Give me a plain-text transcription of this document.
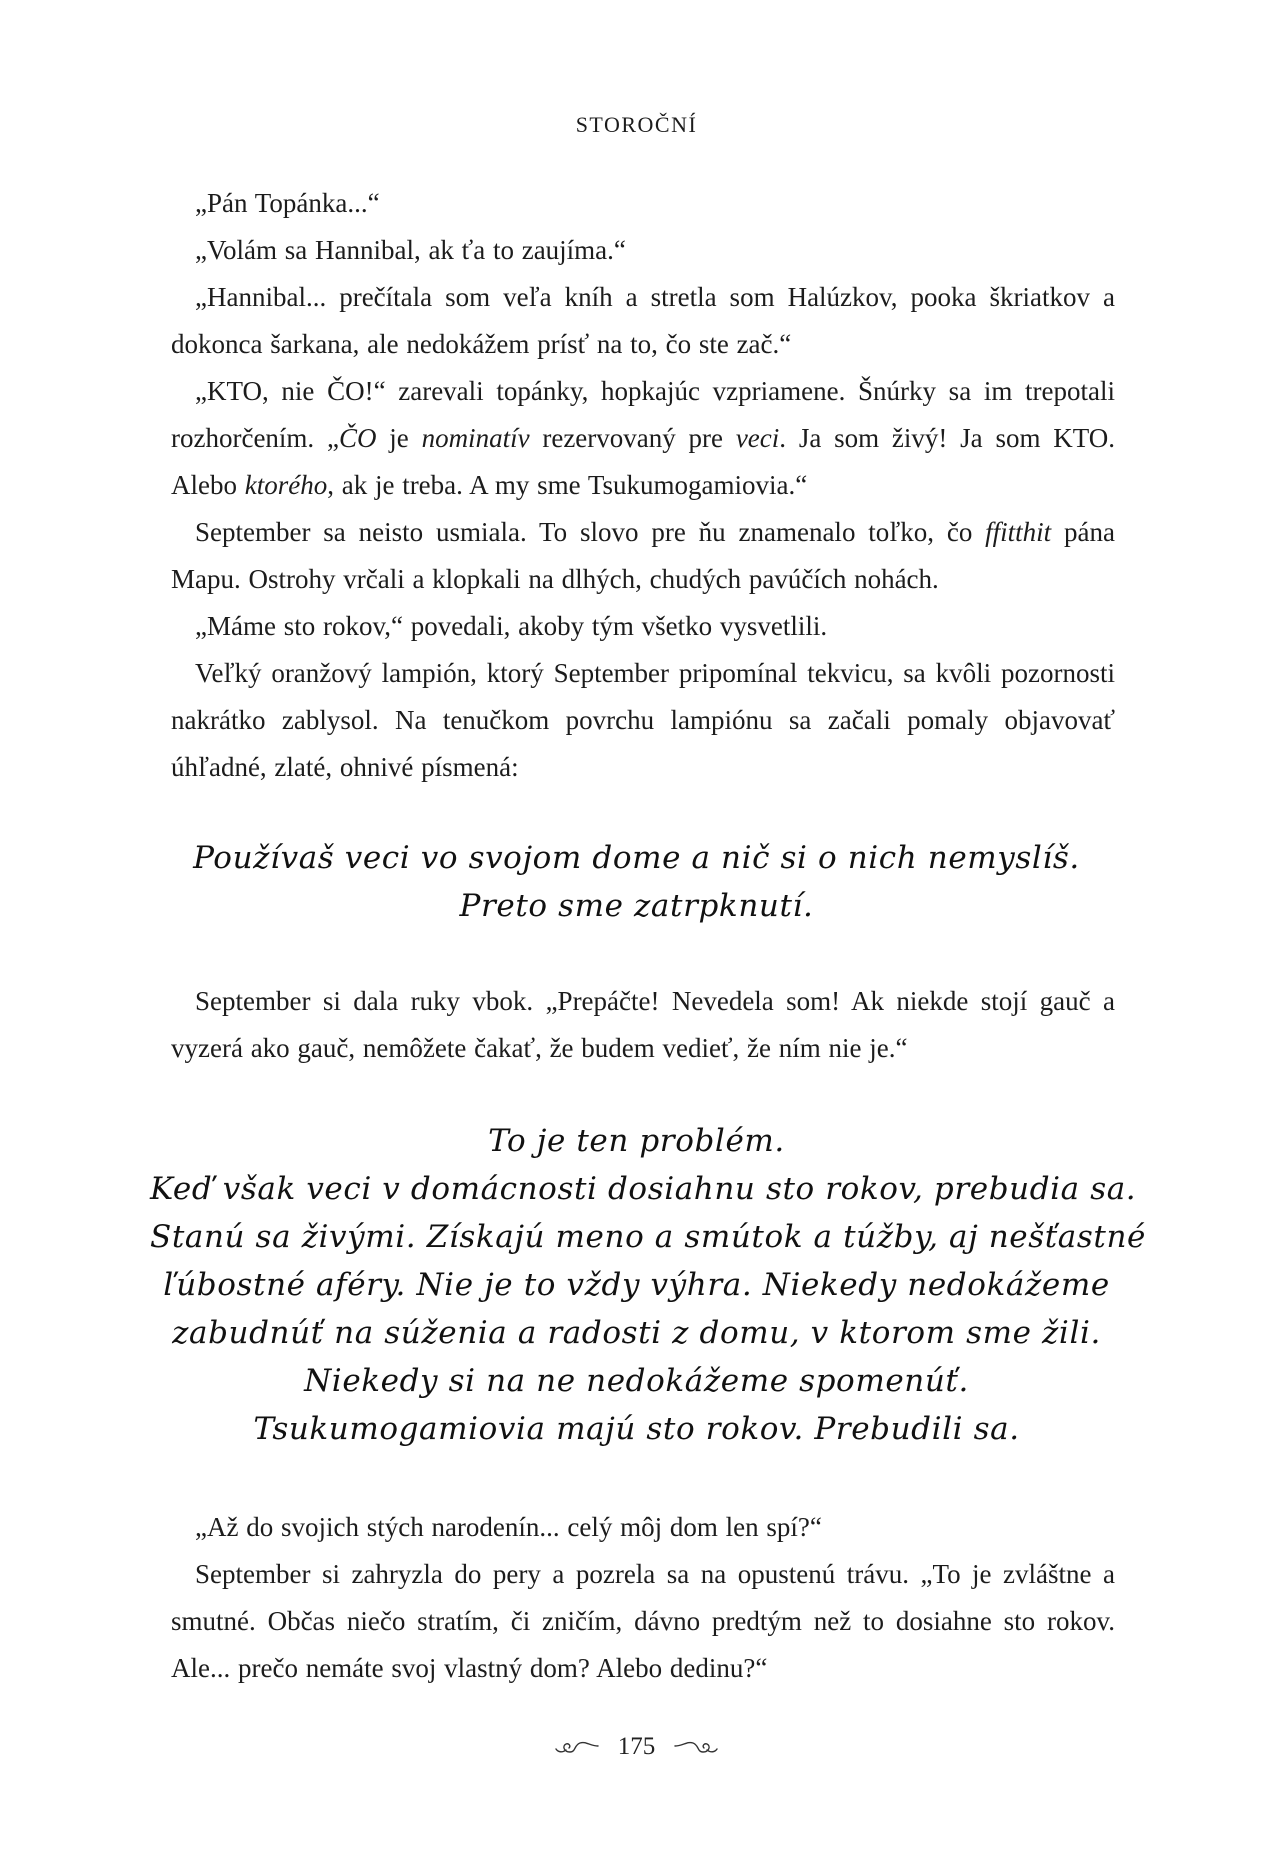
STOROČNÍ

„Pán Topánka...“

„Volám sa Hannibal, ak ťa to zaujíma.“

„Hannibal... prečítala som veľa kníh a stretla som Halúzkov, pooka škriatkov a dokonca šarkana, ale nedokážem prísť na to, čo ste zač.“

„KTO, nie ČO!“ zarevali topánky, hopkajúc vzpriamene. Šnúrky sa im trepotali rozhorčením. „ČO je nominatív rezervovaný pre veci. Ja som živý! Ja som KTO. Alebo ktorého, ak je treba. A my sme Tsukumogamiovia.“

September sa neisto usmiala. To slovo pre ňu znamenalo toľko, čo ffitthit pána Mapu. Ostrohy vrčali a klopkali na dlhých, chudých pavúčích nohách.

„Máme sto rokov,“ povedali, akoby tým všetko vysvetlili.

Veľký oranžový lampión, ktorý September pripomínal tekvicu, sa kvôli pozornosti nakrátko zablysol. Na tenučkom povrchu lampiónu sa začali pomaly objavovať úhľadné, zlaté, ohnivé písmená:

Používaš veci vo svojom dome a nič si o nich nemyslíš.
Preto sme zatrpknutí.

September si dala ruky vbok. „Prepáčte! Nevedela som! Ak niekde stojí gauč a vyzerá ako gauč, nemôžete čakať, že budem vedieť, že ním nie je.“

To je ten problém.
Keď však veci v domácnosti dosiahnu sto rokov, prebudia sa.
Stanú sa živými. Získajú meno a smútok a túžby, aj nešťastné
ľúbostné aféry. Nie je to vždy výhra. Niekedy nedokážeme
zabudnúť na súženia a radosti z domu, v ktorom sme žili.
Niekedy si na ne nedokážeme spomenúť.
Tsukumogamiovia majú sto rokov. Prebudili sa.

„Až do svojich stých narodenín... celý môj dom len spí?“

September si zahryzla do pery a pozrela sa na opustenú trávu. „To je zvláštne a smutné. Občas niečo stratím, či zničím, dávno predtým než to dosiahne sto rokov. Ale... prečo nemáte svoj vlastný dom? Alebo dedinu?“

175
